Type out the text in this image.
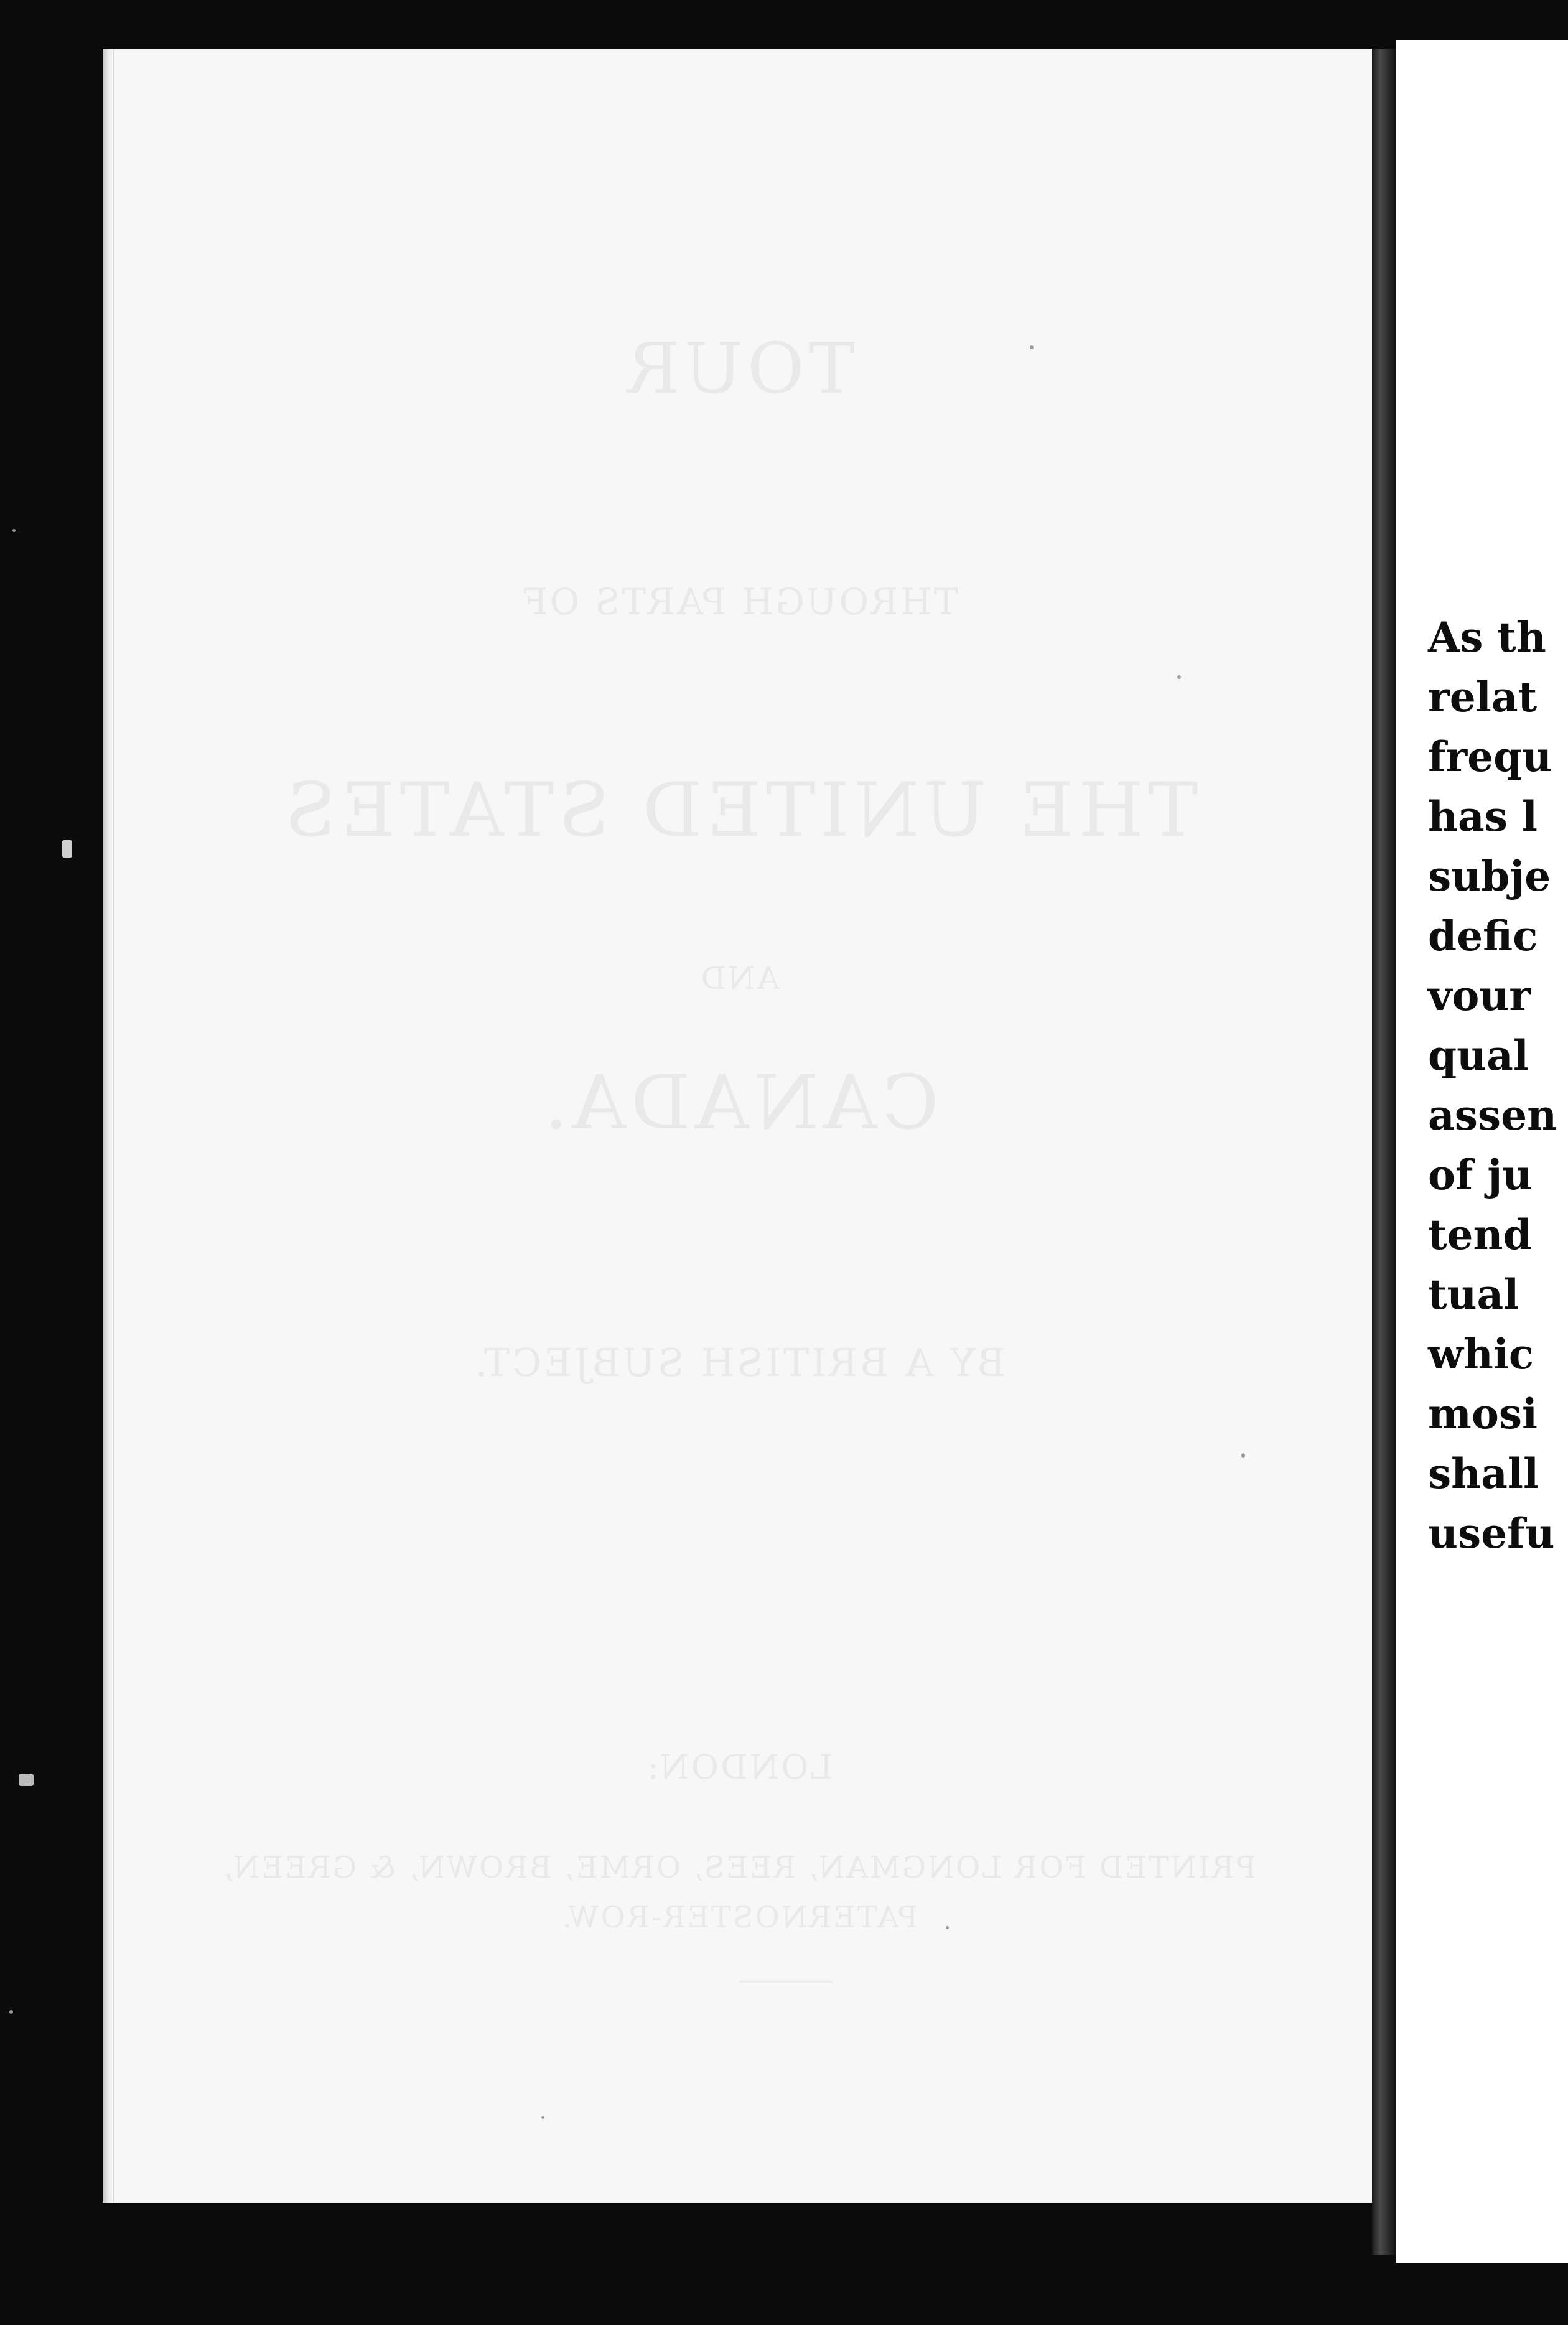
TOUR
THROUGH PARTS OF
THE UNITED STATES
AND
CANADA.
BY A BRITISH SUBJECT.
LONDON:
PRINTED FOR LONGMAN, REES, ORME, BROWN, & GREEN,
PATERNOSTER-ROW.
As th
relat
frequ
has l
subje
defic
vour
qual
assen
of ju
tend
tual
whic
mosi
shall
usefu
